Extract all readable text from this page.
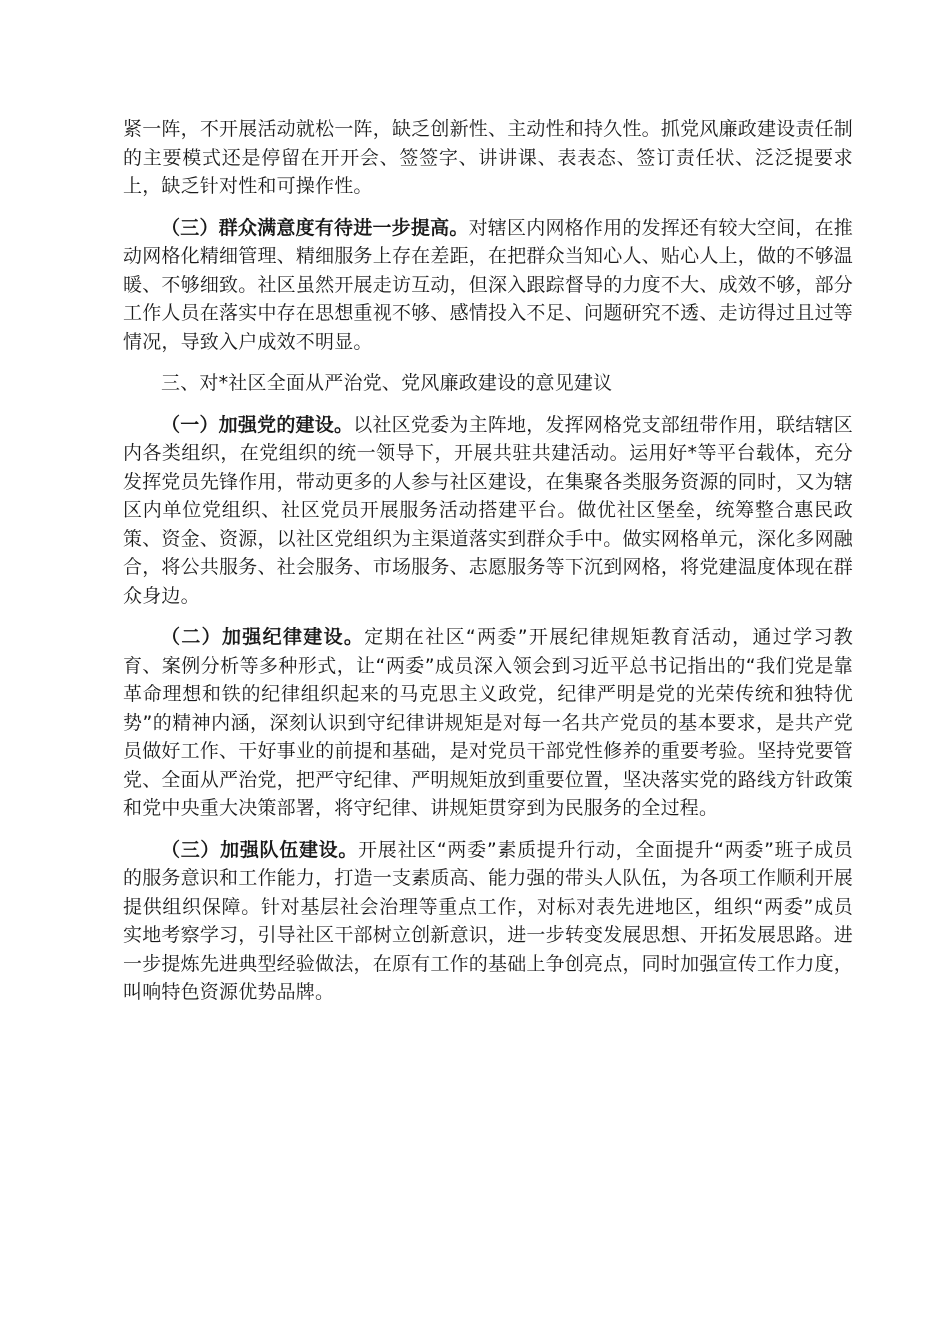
紧一阵，不开展活动就松一阵，缺乏创新性、主动性和持久性。抓党风廉政建设责任制的主要模式还是停留在开开会、签签字、讲讲课、表表态、签订责任状、泛泛提要求上，缺乏针对性和可操作性。

（三）群众满意度有待进一步提高。对辖区内网格作用的发挥还有较大空间，在推动网格化精细管理、精细服务上存在差距，在把群众当知心人、贴心人上，做的不够温暖、不够细致。社区虽然开展走访互动，但深入跟踪督导的力度不大、成效不够，部分工作人员在落实中存在思想重视不够、感情投入不足、问题研究不透、走访得过且过等情况，导致入户成效不明显。

三、对*社区全面从严治党、党风廉政建设的意见建议

（一）加强党的建设。以社区党委为主阵地，发挥网格党支部纽带作用，联结辖区内各类组织，在党组织的统一领导下，开展共驻共建活动。运用好*等平台载体，充分发挥党员先锋作用，带动更多的人参与社区建设，在集聚各类服务资源的同时，又为辖区内单位党组织、社区党员开展服务活动搭建平台。做优社区堡垒，统筹整合惠民政策、资金、资源，以社区党组织为主渠道落实到群众手中。做实网格单元，深化多网融合，将公共服务、社会服务、市场服务、志愿服务等下沉到网格，将党建温度体现在群众身边。

（二）加强纪律建设。定期在社区“两委”开展纪律规矩教育活动，通过学习教育、案例分析等多种形式，让“两委”成员深入领会到习近平总书记指出的“我们党是靠革命理想和铁的纪律组织起来的马克思主义政党，纪律严明是党的光荣传统和独特优势”的精神内涵，深刻认识到守纪律讲规矩是对每一名共产党员的基本要求，是共产党员做好工作、干好事业的前提和基础，是对党员干部党性修养的重要考验。坚持党要管党、全面从严治党，把严守纪律、严明规矩放到重要位置，坚决落实党的路线方针政策和党中央重大决策部署，将守纪律、讲规矩贯穿到为民服务的全过程。

（三）加强队伍建设。开展社区“两委”素质提升行动，全面提升“两委”班子成员的服务意识和工作能力，打造一支素质高、能力强的带头人队伍，为各项工作顺利开展提供组织保障。针对基层社会治理等重点工作，对标对表先进地区，组织“两委”成员实地考察学习，引导社区干部树立创新意识，进一步转变发展思想、开拓发展思路。进一步提炼先进典型经验做法，在原有工作的基础上争创亮点，同时加强宣传工作力度，叫响特色资源优势品牌。
